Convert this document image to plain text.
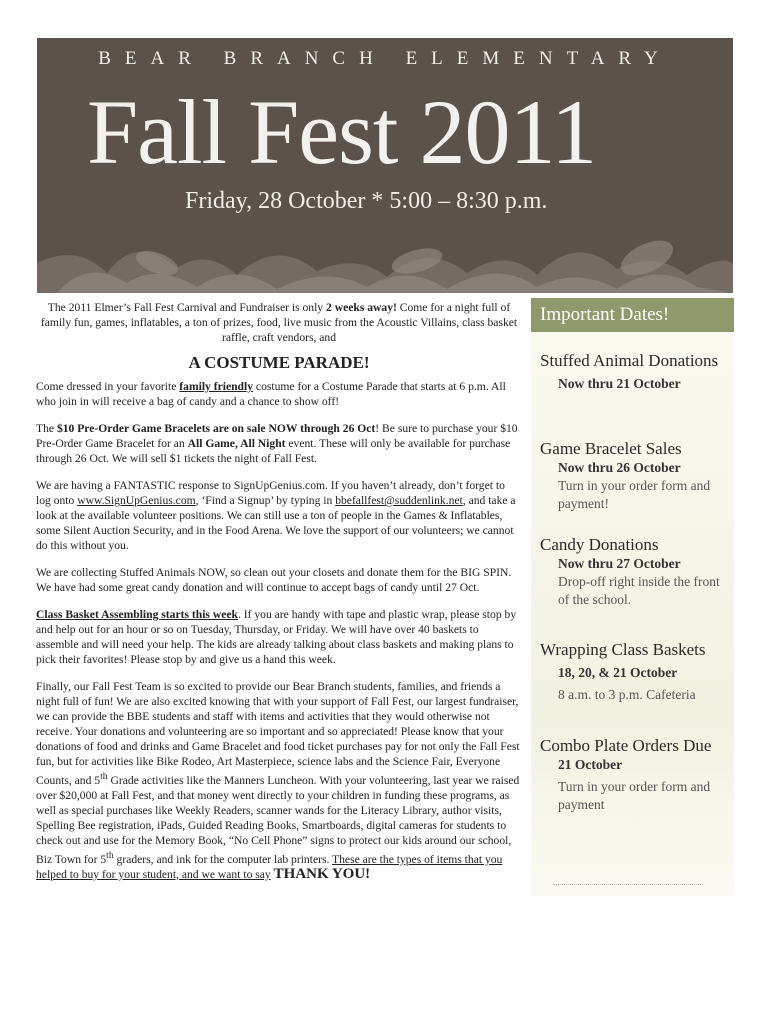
BEAR BRANCH ELEMENTARY
Fall Fest 2011
Friday, 28 October * 5:00 – 8:30 p.m.

The 2011 Elmer’s Fall Fest Carnival and Fundraiser is only 2 weeks away! Come for a night full of family fun, games, inflatables, a ton of prizes, food, live music from the Acoustic Villains, class basket raffle, craft vendors, and

A COSTUME PARADE!

Come dressed in your favorite family friendly costume for a Costume Parade that starts at 6 p.m. All who join in will receive a bag of candy and a chance to show off!

The $10 Pre-Order Game Bracelets are on sale NOW through 26 Oct! Be sure to purchase your $10 Pre-Order Game Bracelet for an All Game, All Night event. These will only be available for purchase through 26 Oct. We will sell $1 tickets the night of Fall Fest.

We are having a FANTASTIC response to SignUpGenius.com. If you haven’t already, don’t forget to log onto www.SignUpGenius.com, ‘Find a Signup’ by typing in bbefallfest@suddenlink.net, and take a look at the available volunteer positions. We can still use a ton of people in the Games & Inflatables, some Silent Auction Security, and in the Food Arena. We love the support of our volunteers; we cannot do this without you.

We are collecting Stuffed Animals NOW, so clean out your closets and donate them for the BIG SPIN. We have had some great candy donation and will continue to accept bags of candy until 27 Oct.

Class Basket Assembling starts this week. If you are handy with tape and plastic wrap, please stop by and help out for an hour or so on Tuesday, Thursday, or Friday. We will have over 40 baskets to assemble and will need your help. The kids are already talking about class baskets and making plans to pick their favorites! Please stop by and give us a hand this week.

Finally, our Fall Fest Team is so excited to provide our Bear Branch students, families, and friends a night full of fun! We are also excited knowing that with your support of Fall Fest, our largest fundraiser, we can provide the BBE students and staff with items and activities that they would otherwise not receive. Your donations and volunteering are so important and so appreciated! Please know that your donations of food and drinks and Game Bracelet and food ticket purchases pay for not only the Fall Fest fun, but for activities like Bike Rodeo, Art Masterpiece, science labs and the Science Fair, Everyone Counts, and 5th Grade activities like the Manners Luncheon. With your volunteering, last year we raised over $20,000 at Fall Fest, and that money went directly to your children in funding these programs, as well as special purchases like Weekly Readers, scanner wands for the Literacy Library, author visits, Spelling Bee registration, iPads, Guided Reading Books, Smartboards, digital cameras for students to check out and use for the Memory Book, “No Cell Phone” signs to protect our kids around our school, Biz Town for 5th graders, and ink for the computer lab printers. These are the types of items that you helped to buy for your student, and we want to say THANK YOU!

Important Dates!
Stuffed Animal Donations
Now thru 21 October
Game Bracelet Sales
Now thru 26 October
Turn in your order form and payment!
Candy Donations
Now thru 27 October
Drop-off right inside the front of the school.
Wrapping Class Baskets
18, 20, & 21 October
8 a.m. to 3 p.m. Cafeteria
Combo Plate Orders Due
21 October
Turn in your order form and payment
